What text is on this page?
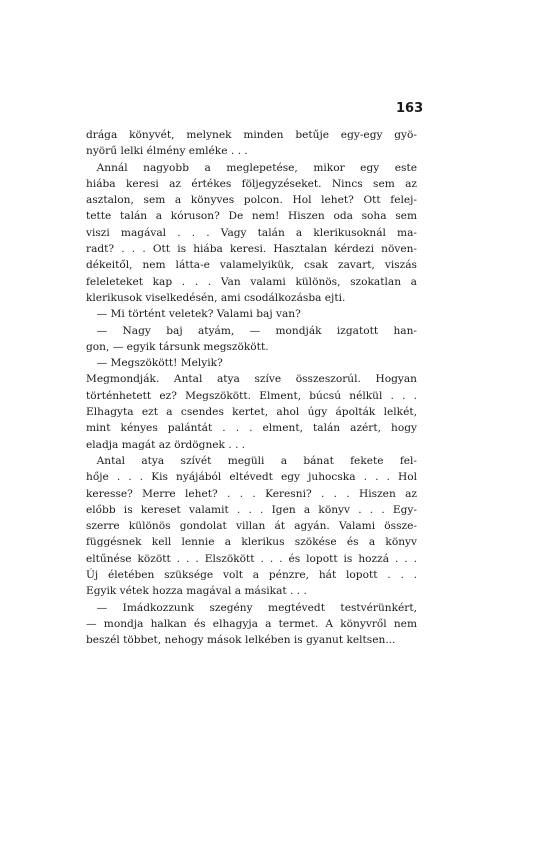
163
drága könyvét, melynek minden betűje egy-egy gyö-
nyörű lelki élmény emléke . . .
 Annál nagyobb a meglepetése, mikor egy este
hiába keresi az értékes följegyzéseket. Nincs sem az
asztalon, sem a könyves polcon. Hol lehet? Ott felej-
tette talán a kóruson? De nem! Hiszen oda soha sem
viszi magával . . . Vagy talán a klerikusoknál ma-
radt? . . . Ott is hiába keresi. Hasztalan kérdezi növen-
dékeitől, nem látta-e valamelyikük, csak zavart, viszás
feleleteket kap . . . Van valami különös, szokatlan a
klerikusok viselkedésén, ami csodálkozásba ejti.
 — Mi történt veletek? Valami baj van?
 — Nagy baj atyám, — mondják izgatott han-
gon, — egyik társunk megszökött.
 — Megszökött! Melyik?
Megmondják. Antal atya szíve összeszorúl. Hogyan
történhetett ez? Megszökött. Elment, búcsú nélkül . . .
Elhagyta ezt a csendes kertet, ahol úgy ápolták lelkét,
mint kényes palántát . . . elment, talán azért, hogy
eladja magát az ördögnek . . .
 Antal atya szívét megüli a bánat fekete fel-
hője . . . Kis nyájából eltévedt egy juhocska . . . Hol
keresse? Merre lehet? . . . Keresni? . . . Hiszen az
előbb is kereset valamit . . . Igen a könyv . . . Egy-
szerre különös gondolat villan át agyán. Valami össze-
függésnek kell lennie a klerikus szökése és a könyv
eltűnése között . . . Elszökött . . . és lopott is hozzá . . .
Új életében szüksége volt a pénzre, hát lopott . . .
Egyik vétek hozza magával a másikat . . .
 — Imádkozzunk szegény megtévedt testvérünkért,
— mondja halkan és elhagyja a termet. A könyvről nem
beszél többet, nehogy mások lelkében is gyanut keltsen...
